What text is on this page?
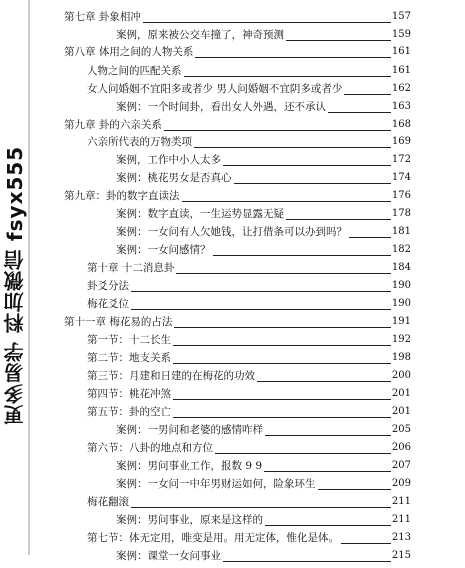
更多易学 料加微信 fsyx555
第七章 卦象相冲	157
案例，原来被公交车撞了，神奇预测	159
第八章 体用之间的人物关系	161
人物之间的匹配关系	161
女人问婚姻不宜阳多或者少 男人问婚姻不宜阴多或者少	162
案例：一个时间卦，看出女人外遇，还不承认	163
第九章 卦的六亲关系	168
六亲所代表的万物类项	169
案例，工作中小人太多	172
案例：桃花男女是否真心	174
第九章：卦的数字直读法	176
案例：数字直读，一生运势显露无疑	178
案例：一女问有人欠她钱，让打借条可以办到吗？	181
案例：一女问感情？	182
第十章 十二消息卦	184
卦爻分法	190
梅花爻位	190
第十一章 梅花易的占法	191
第一节：十二长生	192
第二节：地支关系	198
第三节：月建和日建的在梅花的功效	200
第四节：桃花冲煞	201
第五节：卦的空亡	201
案例：一男问和老婆的感情咋样	205
第六节：八卦的地点和方位	206
案例：男问事业工作，报数 9 9	207
案例：一女问一中年男财运如何，险象环生	209
梅花翻滚	211
案例：男问事业，原来是这样的	211
第七节：体无定用，唯变是用。用无定体，惟化是体。	213
案例：课堂一女问事业	215
